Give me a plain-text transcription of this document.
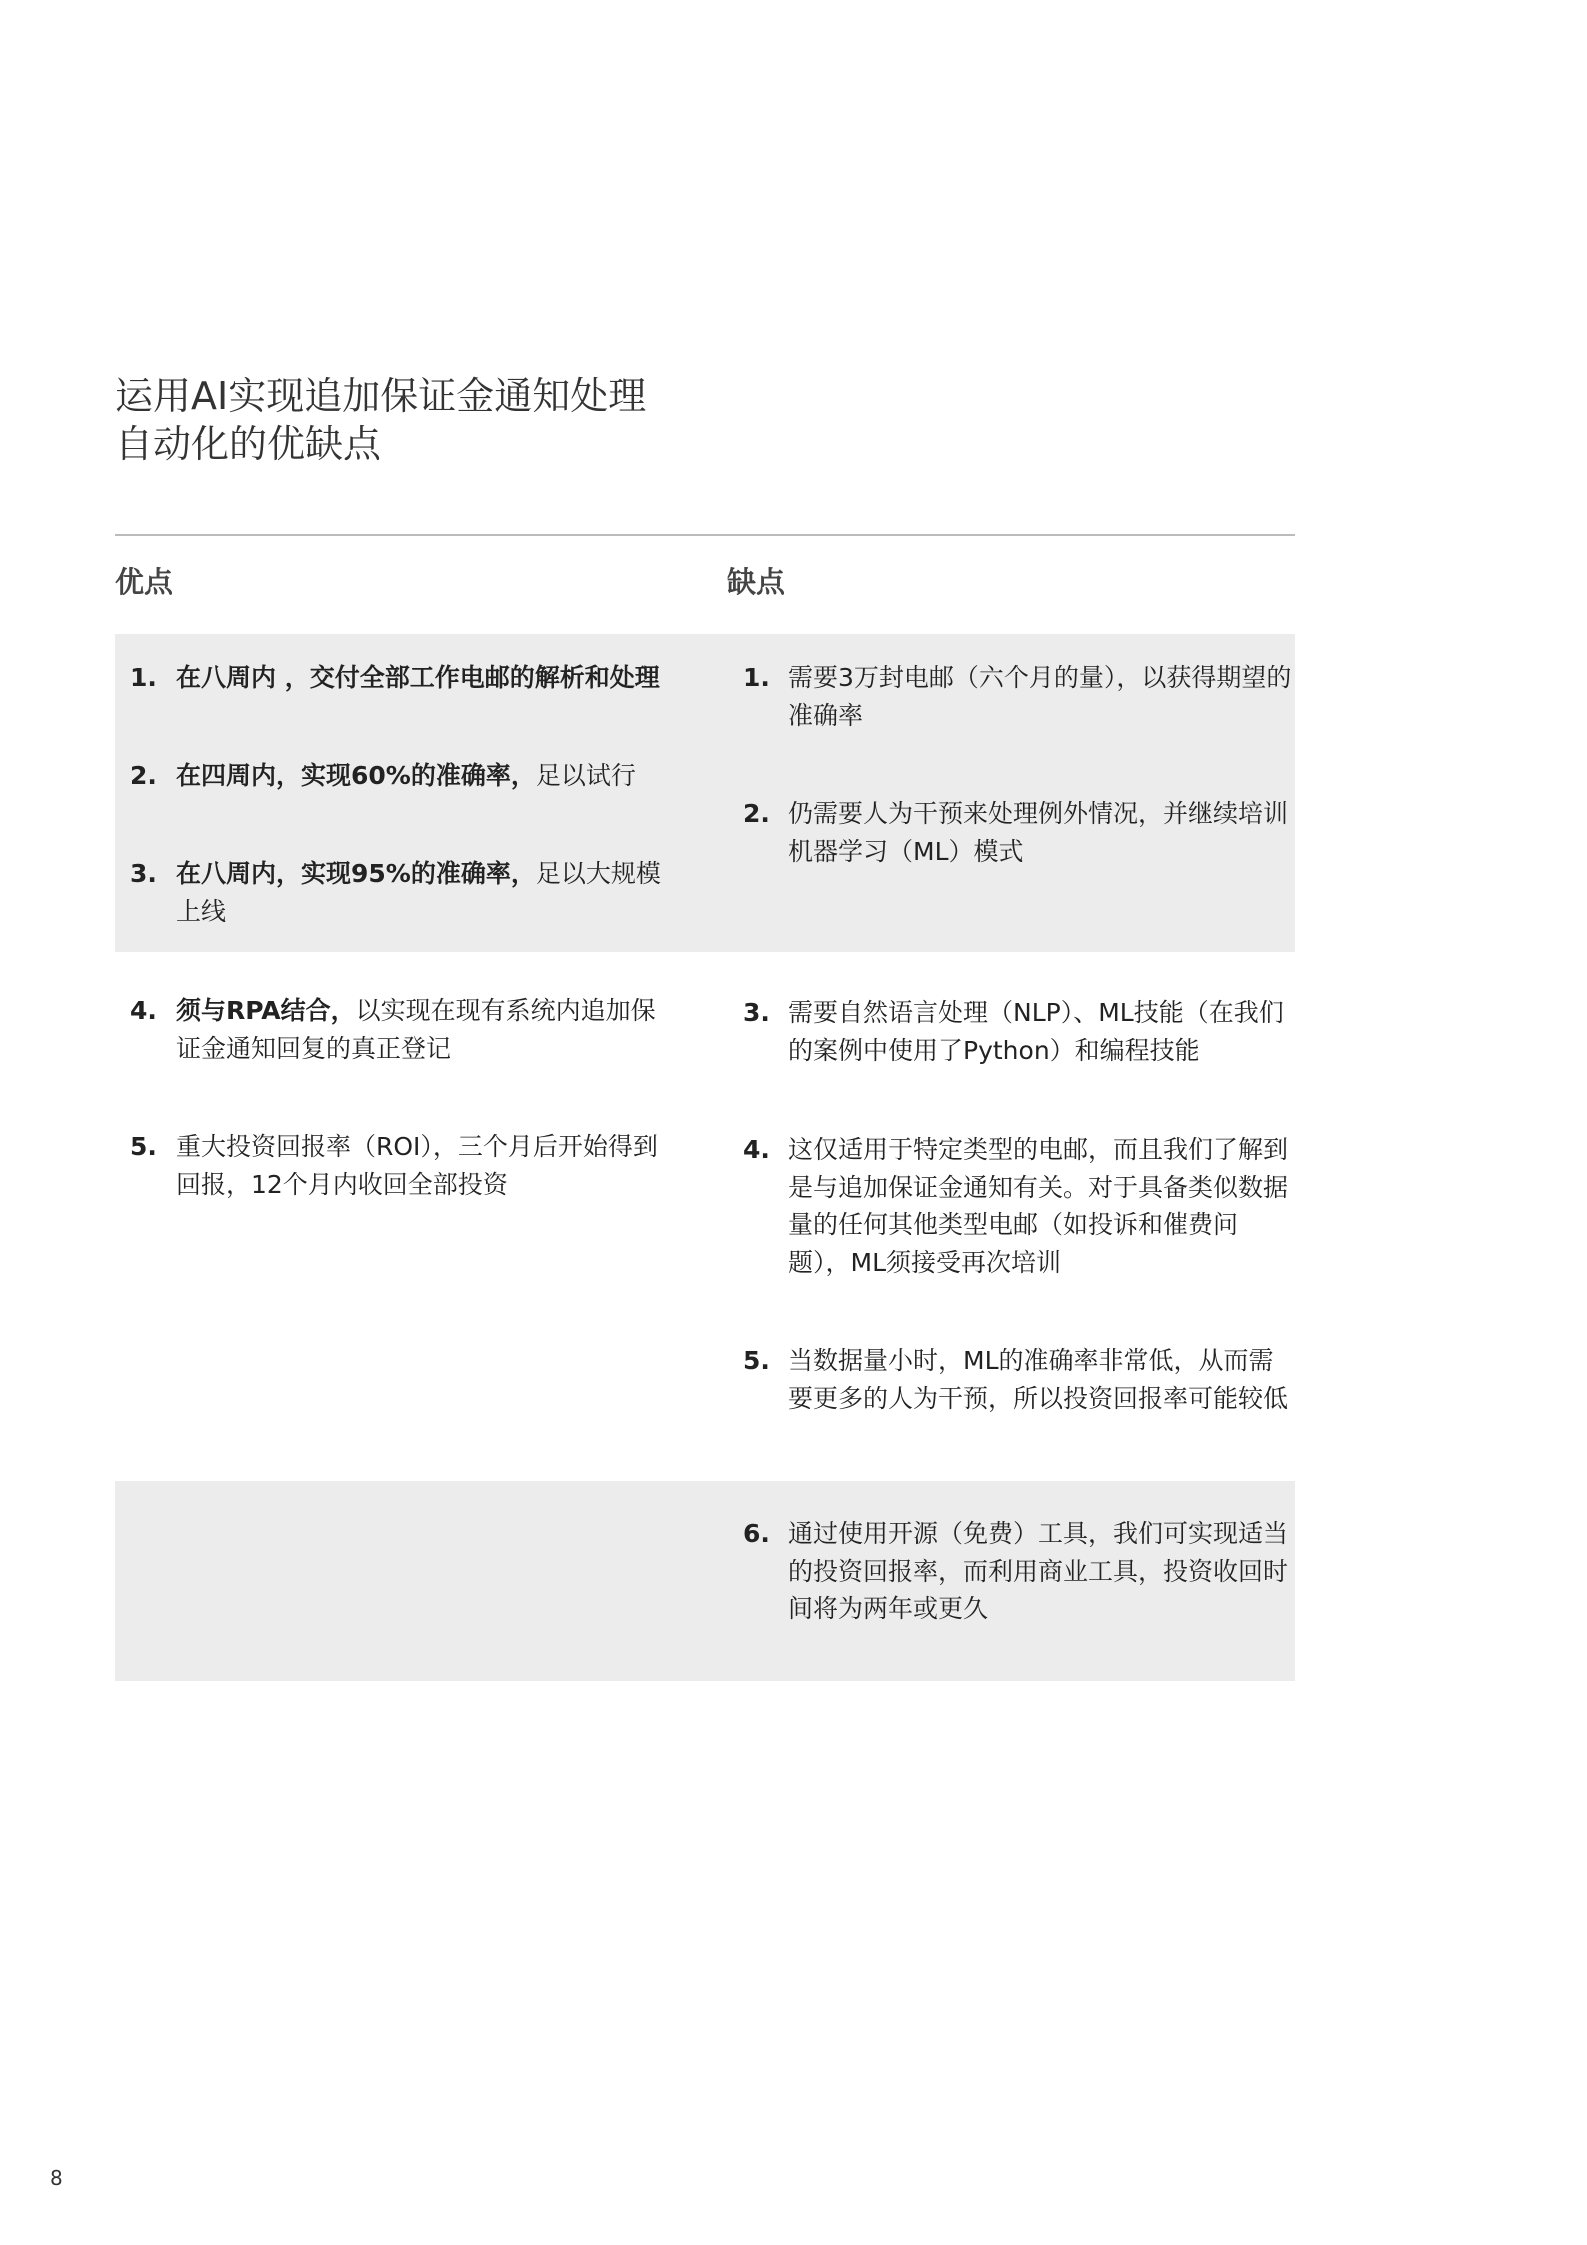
运用AI实现追加保证金通知处理
自动化的优缺点
优点	缺点
1. 在八周内 ，交付全部工作电邮的解析和处理
2. 在四周内，实现60%的准确率，足以试行
3. 在八周内，实现95%的准确率，足以大规模上线
4. 须与RPA结合，以实现在现有系统内追加保证金通知回复的真正登记
5. 重大投资回报率（ROI），三个月后开始得到回报，12个月内收回全部投资
1. 需要3万封电邮（六个月的量），以获得期望的准确率
2. 仍需要人为干预来处理例外情况，并继续培训机器学习（ML）模式
3. 需要自然语言处理（NLP）、ML技能（在我们的案例中使用了Python）和编程技能
4. 这仅适用于特定类型的电邮，而且我们了解到是与追加保证金通知有关。对于具备类似数据量的任何其他类型电邮（如投诉和催费问题），ML须接受再次培训
5. 当数据量小时，ML的准确率非常低，从而需要更多的人为干预，所以投资回报率可能较低
6. 通过使用开源（免费）工具，我们可实现适当的投资回报率，而利用商业工具，投资收回时间将为两年或更久
8
